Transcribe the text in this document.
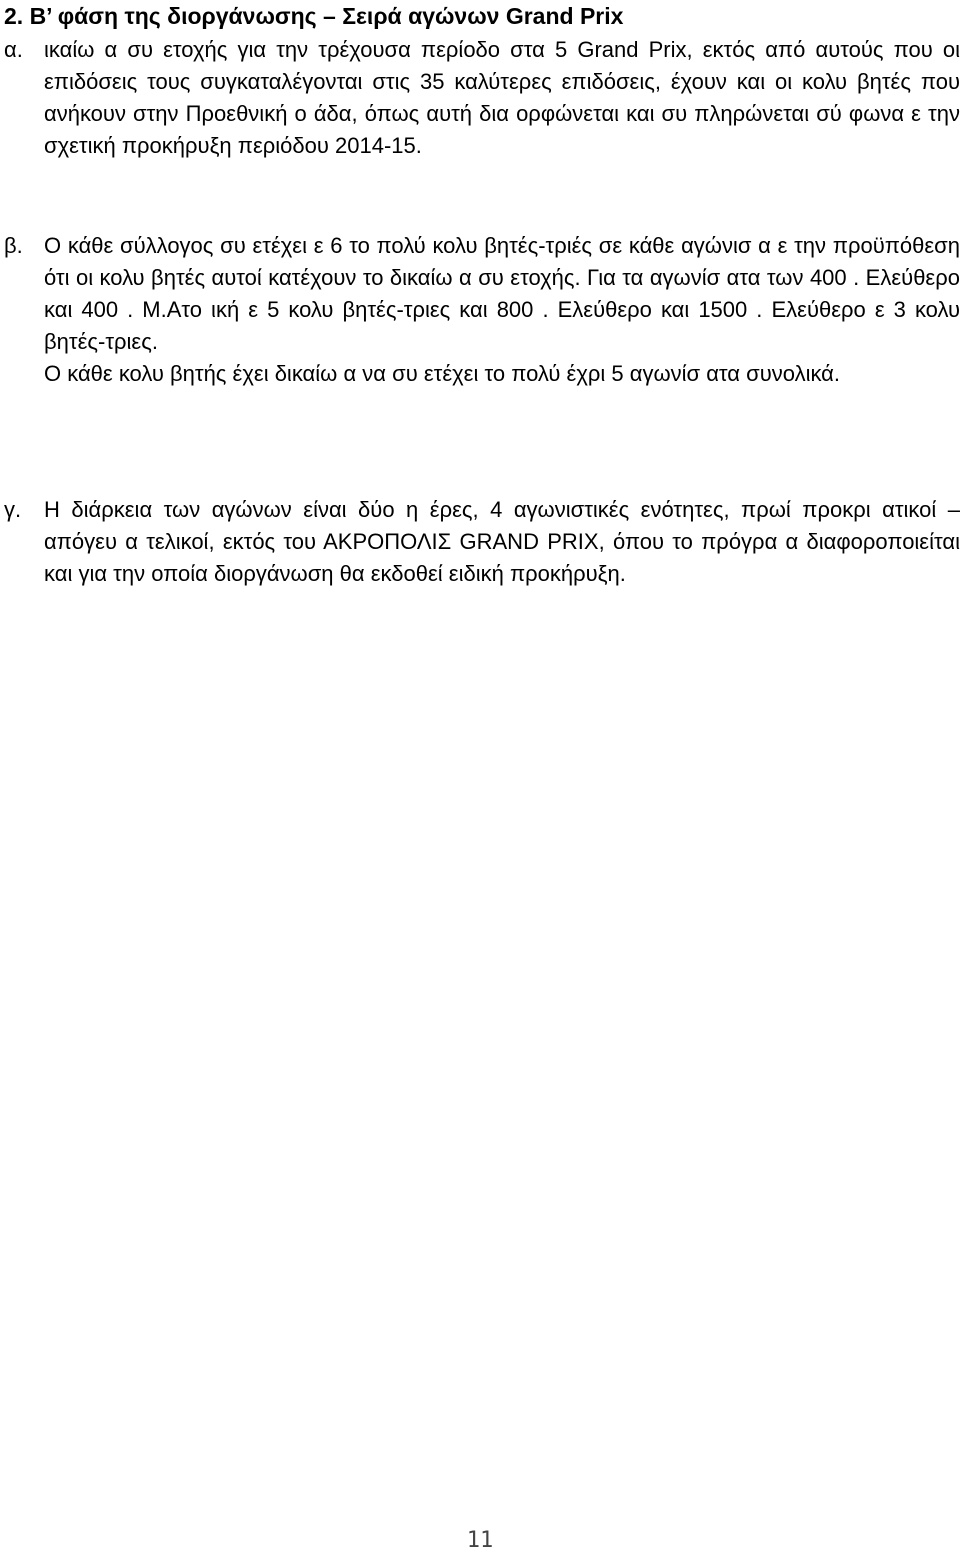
2. Β’ φάση της διοργάνωσης – Σειρά αγώνων Grand Prix
α. ικαίω α συ ετοχής για την τρέχουσα περίοδο στα 5 Grand Prix, εκτός από αυτούς που οι επιδόσεις τους συγκαταλέγονται στις 35 καλύτερες επιδόσεις, έχουν και οι κολυ βητές που ανήκουν στην Προεθνική ο άδα, όπως αυτή δια ορφώνεται και συ πληρώνεται σύ φωνα ε την σχετική προκήρυξη περιόδου 2014-15.
β. Ο κάθε σύλλογος συ ετέχει ε 6 το πολύ κολυ βητές-τριές σε κάθε αγώνισ α ε την προϋπόθεση ότι οι κολυ βητές αυτοί κατέχουν το δικαίω α συ ετοχής. Για τα αγωνίσ ατα των 400 . Ελεύθερο και 400 . Μ.Ατο ική ε 5 κολυ βητές-τριες και 800 . Ελεύθερο και 1500 . Ελεύθερο ε 3 κολυ βητές-τριες.

Ο κάθε κολυ βητής έχει δικαίω α να συ ετέχει το πολύ έχρι 5 αγωνίσ ατα συνολικά.

γ. Η διάρκεια των αγώνων είναι δύο η έρες, 4 αγωνιστικές ενότητες, πρωί προκρι ατικοί – απόγευ α τελικοί, εκτός του ΑΚΡΟΠΟΛΙΣ GRAND PRIX, όπου το πρόγρα α διαφοροποιείται και για την οποία διοργάνωση θα εκδοθεί ειδική προκήρυξη.
11
